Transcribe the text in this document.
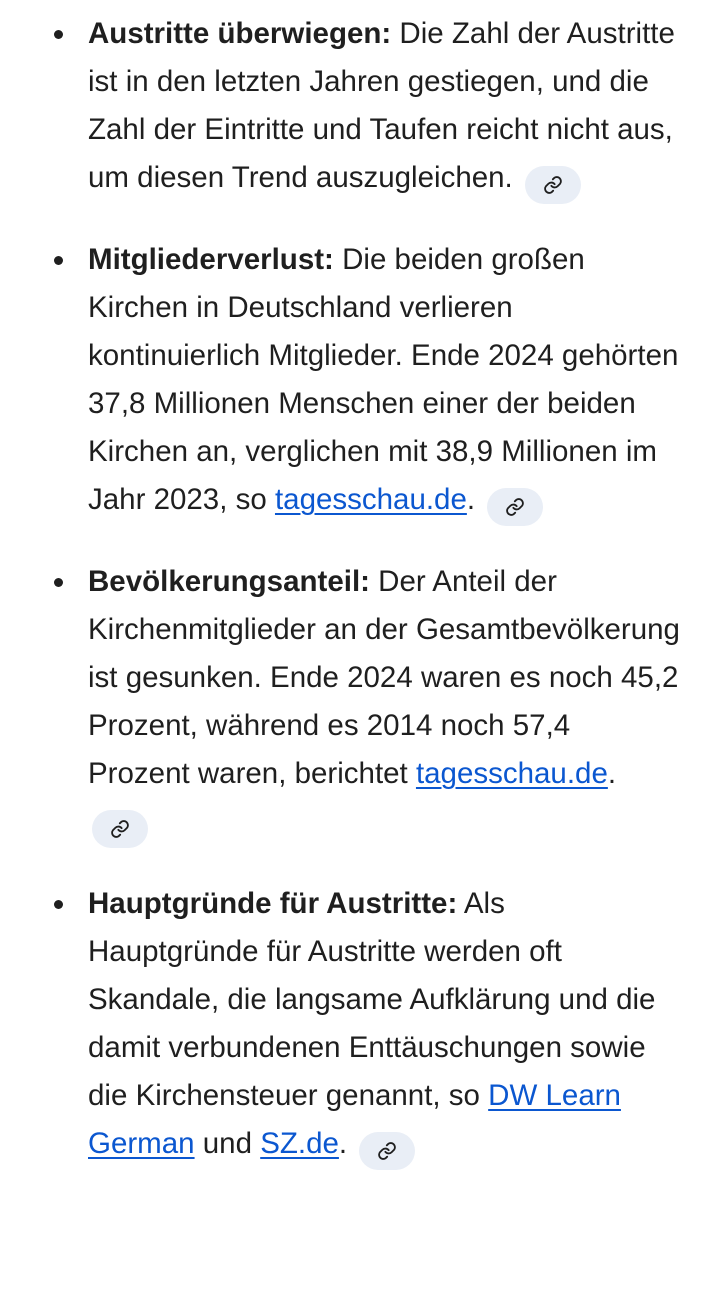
Austritte überwiegen: Die Zahl der Austritte ist in den letzten Jahren gestiegen, und die Zahl der Eintritte und Taufen reicht nicht aus, um diesen Trend auszugleichen.
Mitgliederverlust: Die beiden großen Kirchen in Deutschland verlieren kontinuierlich Mitglieder. Ende 2024 gehörten 37,8 Millionen Menschen einer der beiden Kirchen an, verglichen mit 38,9 Millionen im Jahr 2023, so tagesschau.de.
Bevölkerungsanteil: Der Anteil der Kirchenmitglieder an der Gesamtbevölkerung ist gesunken. Ende 2024 waren es noch 45,2 Prozent, während es 2014 noch 57,4 Prozent waren, berichtet tagesschau.de.
Hauptgründe für Austritte: Als Hauptgründe für Austritte werden oft Skandale, die langsame Aufklärung und die damit verbundenen Enttäuschungen sowie die Kirchensteuer genannt, so DW Learn German und SZ.de.
